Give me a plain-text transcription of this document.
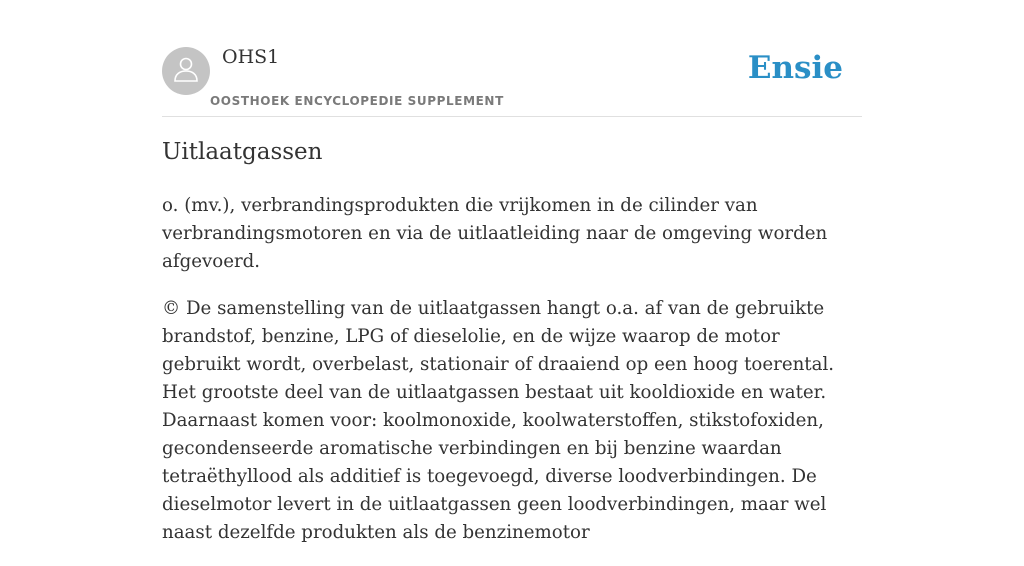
OHS1
OOSTHOEK ENCYCLOPEDIE SUPPLEMENT
Ensie
Uitlaatgassen

o. (mv.), verbrandingsprodukten die vrijkomen in de cilinder van verbrandingsmotoren en via de uitlaatleiding naar de omgeving worden afgevoerd.

© De samenstelling van de uitlaatgassen hangt o.a. af van de gebruikte brandstof, benzine, LPG of dieselolie, en de wijze waarop de motor gebruikt wordt, overbelast, stationair of draaiend op een hoog toerental. Het grootste deel van de uitlaatgassen bestaat uit kooldioxide en water. Daarnaast komen voor: koolmonoxide, koolwaterstoffen, stikstofoxiden, gecondenseerde aromatische verbindingen en bij benzine waardan tetraëthyllood als additief is toegevoegd, diverse loodverbindingen. De dieselmotor levert in de uitlaatgassen geen loodverbindingen, maar wel naast dezelfde produkten als de benzinemotor
